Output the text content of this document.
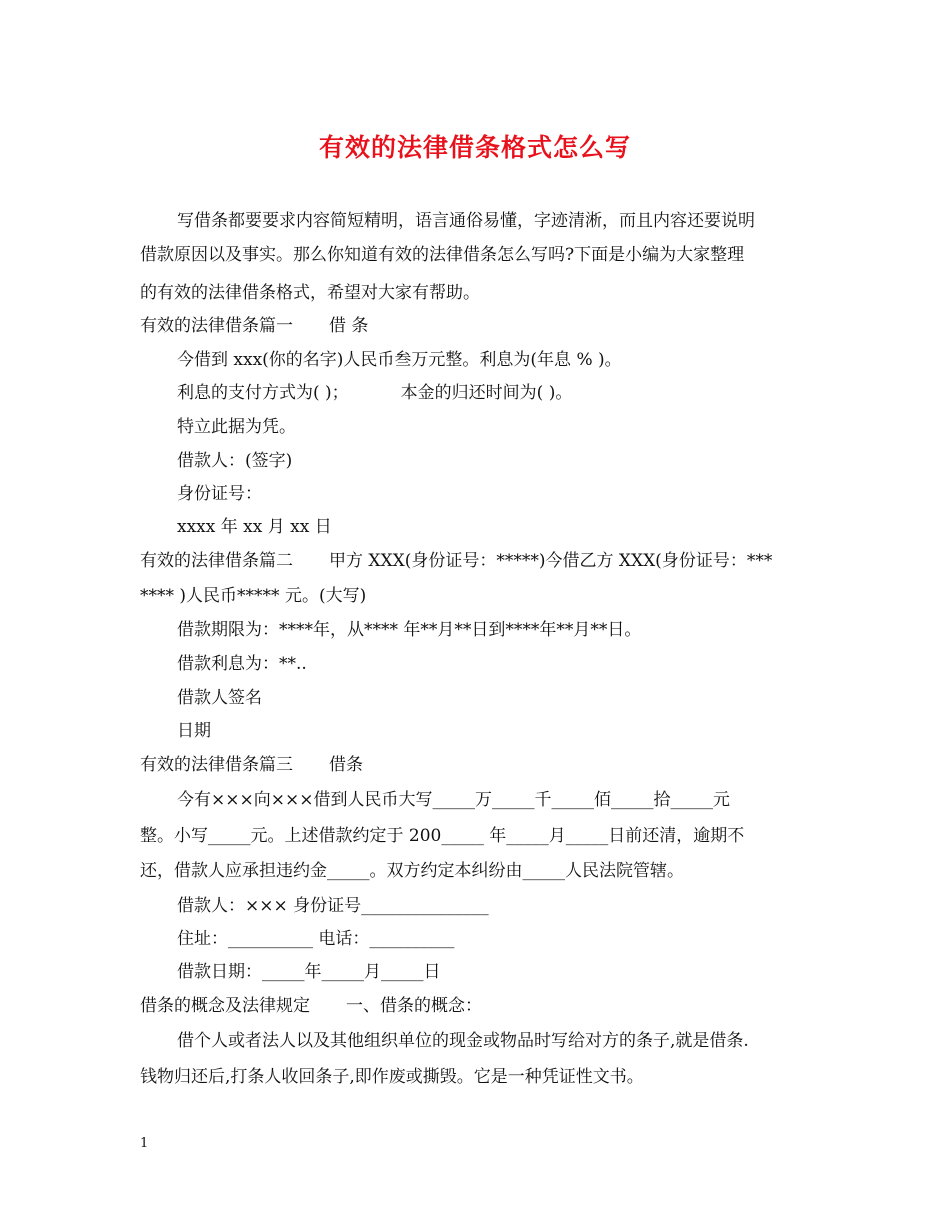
有效的法律借条格式怎么写
写借条都要要求内容简短精明，语言通俗易懂，字迹清淅，而且内容还要说明
借款原因以及事实。那么你知道有效的法律借条怎么写吗?下面是小编为大家整理
的有效的法律借条格式，希望对大家有帮助。
有效的法律借条篇一 借 条
今借到 xxx(你的名字)人民币叁万元整。利息为(年息 % )。
利息的支付方式为( )；	本金的归还时间为( )。
特立此据为凭。
借款人：(签字)
身份证号：
xxxx 年 xx 月 xx 日
有效的法律借条篇二 甲方 XXX(身份证号：*****)今借乙方 XXX(身份证号：***
**** )人民币***** 元。(大写)
借款期限为：****年，从**** 年**月**日到****年**月**日。
借款利息为：**..
借款人签名
日期
有效的法律借条篇三 借条
今有×××向×××借到人民币大写_____万_____千_____佰_____拾_____元
整。小写_____元。上述借款约定于 200_____ 年_____月_____日前还清，逾期不
还，借款人应承担违约金_____。双方约定本纠纷由_____人民法院管辖。
借款人：××× 身份证号_______________
住址：__________ 电话：__________
借款日期：_____年_____月_____日
借条的概念及法律规定 一、借条的概念：
借个人或者法人以及其他组织单位的现金或物品时写给对方的条子,就是借条.
钱物归还后,打条人收回条子,即作废或撕毁。它是一种凭证性文书。
1
